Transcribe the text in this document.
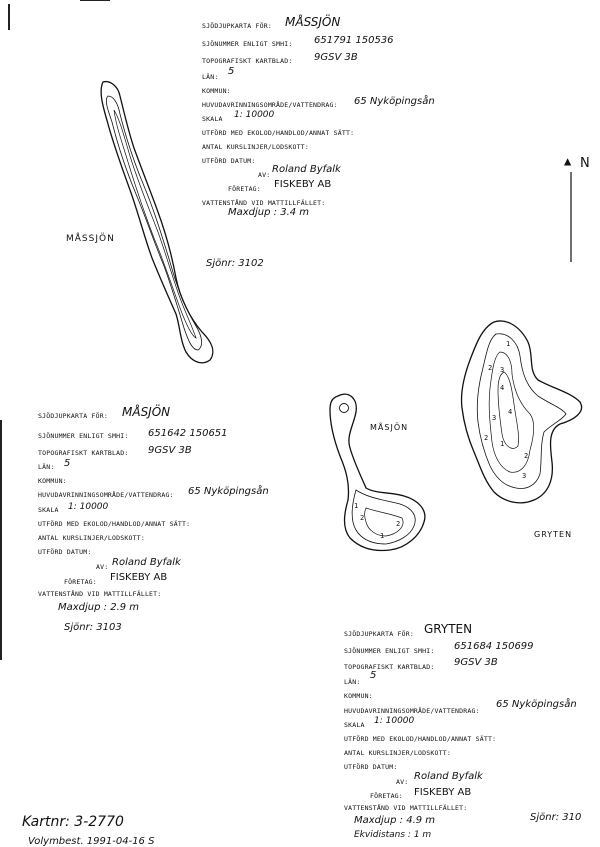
MÅSSJÖN
MÅSJÖN
GRYTEN
N
▲
1
2 3
4
4
3
2
1
2
3
1
2
2
1
SJÖDJUPKARTA FÖR: MÅSSJÖN
SJÖNUMMER ENLIGT SMHI: 651791 150536
TOPOGRAFISKT KARTBLAD: 9GSV 3B
LÄN: 5
KOMMUN:
HUVUDAVRINNINGSOMRÅDE/VATTENDRAG: 65 Nyköpingsån
SKALA 1: 10000
UTFÖRD MED EKOLOD/HANDLOD/ANNAT SÄTT:
ANTAL KURSLINJER/LODSKOTT:
UTFÖRD DATUM:
AV: Roland Byfalk
FÖRETAG: FISKEBY AB
VATTENSTÅND VID MATTILLFÄLLET:
Maxdjup : 3.4 m
Sjönr: 3102
SJÖDJUPKARTA FÖR: MÅSJÖN
SJÖNUMMER ENLIGT SMHI: 651642 150651
TOPOGRAFISKT KARTBLAD: 9GSV 3B
LÄN: 5
KOMMUN:
HUVUDAVRINNINGSOMRÅDE/VATTENDRAG: 65 Nyköpingsån
SKALA 1: 10000
UTFÖRD MED EKOLOD/HANDLOD/ANNAT SÄTT:
ANTAL KURSLINJER/LODSKOTT:
UTFÖRD DATUM:
AV: Roland Byfalk
FÖRETAG: FISKEBY AB
VATTENSTÅND VID MATTILLFÄLLET:
Maxdjup : 2.9 m
Sjönr: 3103
SJÖDJUPKARTA FÖR: GRYTEN
SJÖNUMMER ENLIGT SMHI: 651684 150699
TOPOGRAFISKT KARTBLAD: 9GSV 3B
LÄN:
5
KOMMUN:
HUVUDAVRINNINGSOMRÅDE/VATTENDRAG:
65 Nyköpingsån
SKALA 1: 10000
UTFÖRD MED EKOLOD/HANDLOD/ANNAT SÄTT:
ANTAL KURSLINJER/LODSKOTT:
UTFÖRD DATUM:
AV: Roland Byfalk
FÖRETAG: FISKEBY AB
VATTENSTÅND VID MATTILLFÄLLET:
Maxdjup : 4.9 m
Ekvidistans : 1 m
Sjönr: 310
Kartnr: 3-2770
Volymbest. 1991-04-16 S
